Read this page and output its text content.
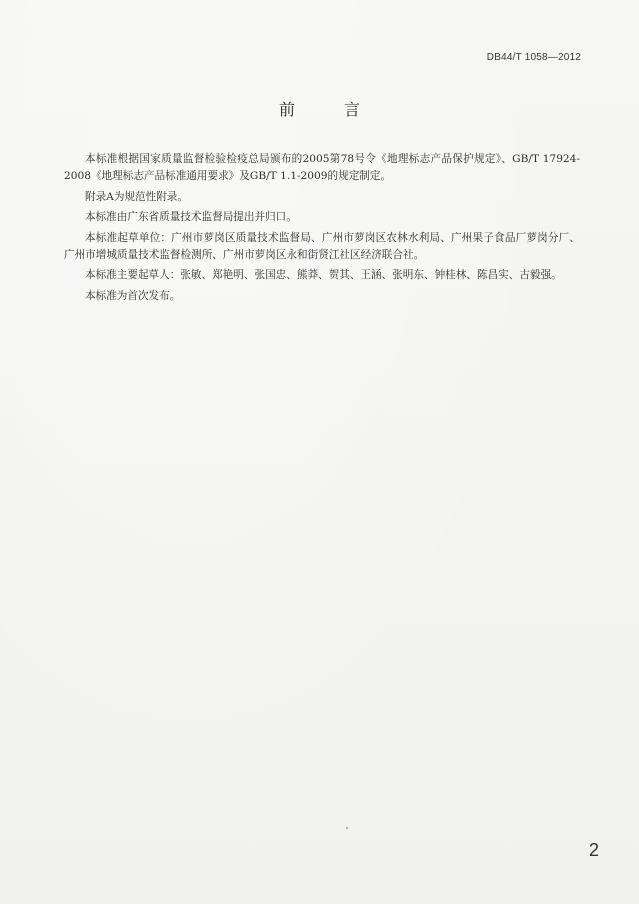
DB44/T 1058—2012
前 言

本标准根据国家质量监督检验检疫总局颁布的2005第78号令《地理标志产品保护规定》、GB/T 17924-2008《地理标志产品标准通用要求》及GB/T 1.1-2009的规定制定。

附录A为规范性附录。

本标准由广东省质量技术监督局提出并归口。

本标准起草单位：广州市萝岗区质量技术监督局、广州市萝岗区农林水利局、广州果子食品厂萝岗分厂、广州市增城质量技术监督检测所、广州市萝岗区永和街贤江社区经济联合社。

本标准主要起草人：张敏、郑艳明、张国忠、熊莽、贺其、王涵、张明东、钟桂林、陈昌实、古毅强。

本标准为首次发布。

2
